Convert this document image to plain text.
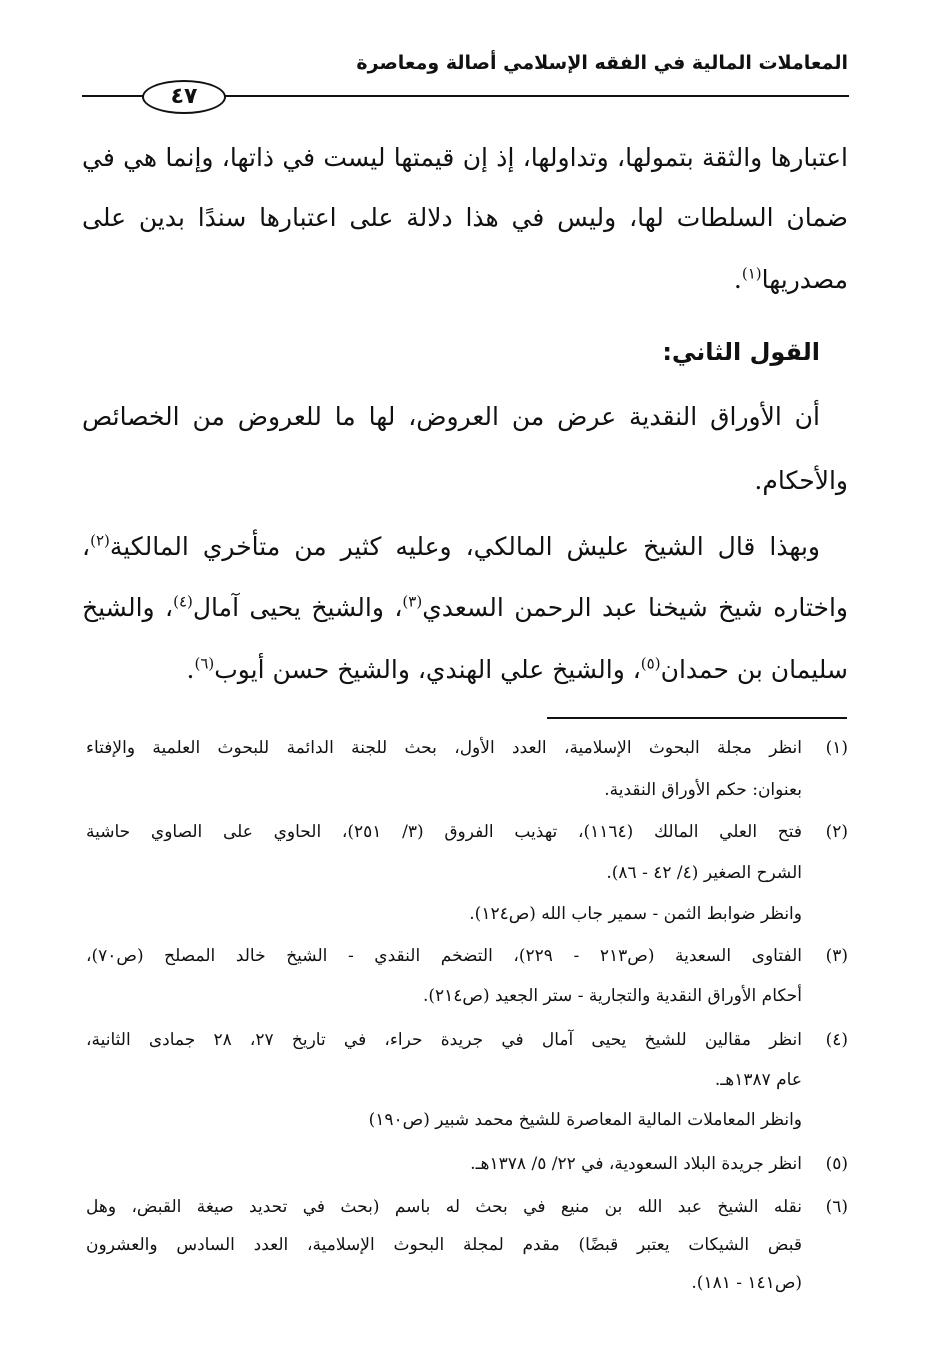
المعاملات المالية في الفقه الإسلامي أصالة ومعاصرة
٤٧
اعتبارها والثقة بتمولها، وتداولها، إذ إن قيمتها ليست في ذاتها، وإنما هي في
ضمان السلطات لها، وليس في هذا دلالة على اعتبارها سندًا بدين على
مصدريها$^{(١)}$.
القول الثاني:
أن الأوراق النقدية عرض من العروض، لها ما للعروض من الخصائص
والأحكام.
وبهذا قال الشيخ عليش المالكي، وعليه كثير من متأخري المالكية$^{(٢)}$،
واختاره شيخ شيخنا عبد الرحمن السعدي$^{(٣)}$، والشيخ يحيى آمال$^{(٤)}$، والشيخ
سليمان بن حمدان$^{(٥)}$، والشيخ علي الهندي، والشيخ حسن أيوب$^{(٦)}$.
(١)
انظر مجلة البحوث الإسلامية، العدد الأول، بحث للجنة الدائمة للبحوث العلمية والإفتاء
بعنوان: حكم الأوراق النقدية.
(٢)
فتح العلي المالك (١١٦٤)، تهذيب الفروق (٣/ ٢٥١)، الحاوي على الصاوي حاشية
الشرح الصغير (٤/ ٤٢ - ٨٦).
وانظر ضوابط الثمن - سمير جاب الله (ص١٢٤).
(٣)
الفتاوى السعدية (ص٢١٣ - ٢٢٩)، التضخم النقدي - الشيخ خالد المصلح (ص٧٠)،
أحكام الأوراق النقدية والتجارية - ستر الجعيد (ص٢١٤).
(٤)
انظر مقالين للشيخ يحيى آمال في جريدة حراء، في تاريخ ٢٧، ٢٨ جمادى الثانية،
عام ١٣٨٧هـ.
وانظر المعاملات المالية المعاصرة للشيخ محمد شبير (ص١٩٠)
(٥)
انظر جريدة البلاد السعودية، في ٢٢/ ٥/ ١٣٧٨هـ.
(٦)
نقله الشيخ عبد الله بن منيع في بحث له باسم (بحث في تحديد صيغة القبض، وهل
قبض الشيكات يعتبر قبضًا) مقدم لمجلة البحوث الإسلامية، العدد السادس والعشرون
(ص١٤١ - ١٨١).
